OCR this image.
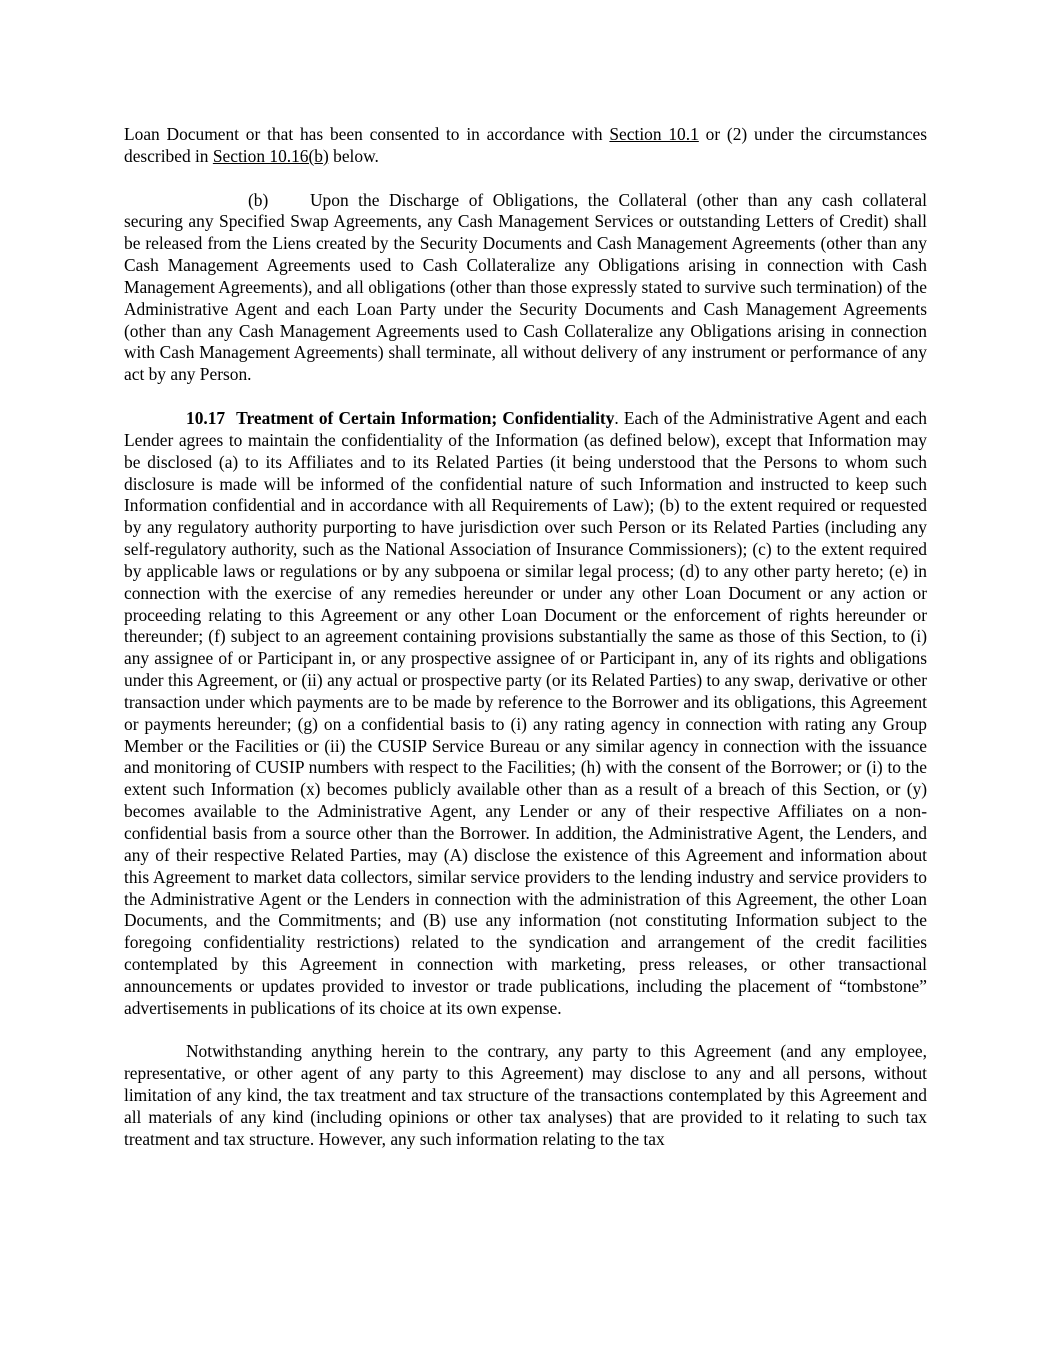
Loan Document or that has been consented to in accordance with Section 10.1 or (2) under the circumstances described in Section 10.16(b) below.

(b) Upon the Discharge of Obligations, the Collateral (other than any cash collateral securing any Specified Swap Agreements, any Cash Management Services or outstanding Letters of Credit) shall be released from the Liens created by the Security Documents and Cash Management Agreements (other than any Cash Management Agreements used to Cash Collateralize any Obligations arising in connection with Cash Management Agreements), and all obligations (other than those expressly stated to survive such termination) of the Administrative Agent and each Loan Party under the Security Documents and Cash Management Agreements (other than any Cash Management Agreements used to Cash Collateralize any Obligations arising in connection with Cash Management Agreements) shall terminate, all without delivery of any instrument or performance of any act by any Person.

10.17 Treatment of Certain Information; Confidentiality. Each of the Administrative Agent and each Lender agrees to maintain the confidentiality of the Information (as defined below), except that Information may be disclosed (a) to its Affiliates and to its Related Parties (it being understood that the Persons to whom such disclosure is made will be informed of the confidential nature of such Information and instructed to keep such Information confidential and in accordance with all Requirements of Law); (b) to the extent required or requested by any regulatory authority purporting to have jurisdiction over such Person or its Related Parties (including any self-regulatory authority, such as the National Association of Insurance Commissioners); (c) to the extent required by applicable laws or regulations or by any subpoena or similar legal process; (d) to any other party hereto; (e) in connection with the exercise of any remedies hereunder or under any other Loan Document or any action or proceeding relating to this Agreement or any other Loan Document or the enforcement of rights hereunder or thereunder; (f) subject to an agreement containing provisions substantially the same as those of this Section, to (i) any assignee of or Participant in, or any prospective assignee of or Participant in, any of its rights and obligations under this Agreement, or (ii) any actual or prospective party (or its Related Parties) to any swap, derivative or other transaction under which payments are to be made by reference to the Borrower and its obligations, this Agreement or payments hereunder; (g) on a confidential basis to (i) any rating agency in connection with rating any Group Member or the Facilities or (ii) the CUSIP Service Bureau or any similar agency in connection with the issuance and monitoring of CUSIP numbers with respect to the Facilities; (h) with the consent of the Borrower; or (i) to the extent such Information (x) becomes publicly available other than as a result of a breach of this Section, or (y) becomes available to the Administrative Agent, any Lender or any of their respective Affiliates on a non-confidential basis from a source other than the Borrower. In addition, the Administrative Agent, the Lenders, and any of their respective Related Parties, may (A) disclose the existence of this Agreement and information about this Agreement to market data collectors, similar service providers to the lending industry and service providers to the Administrative Agent or the Lenders in connection with the administration of this Agreement, the other Loan Documents, and the Commitments; and (B) use any information (not constituting Information subject to the foregoing confidentiality restrictions) related to the syndication and arrangement of the credit facilities contemplated by this Agreement in connection with marketing, press releases, or other transactional announcements or updates provided to investor or trade publications, including the placement of “tombstone” advertisements in publications of its choice at its own expense.

Notwithstanding anything herein to the contrary, any party to this Agreement (and any employee, representative, or other agent of any party to this Agreement) may disclose to any and all persons, without limitation of any kind, the tax treatment and tax structure of the transactions contemplated by this Agreement and all materials of any kind (including opinions or other tax analyses) that are provided to it relating to such tax treatment and tax structure. However, any such information relating to the tax
